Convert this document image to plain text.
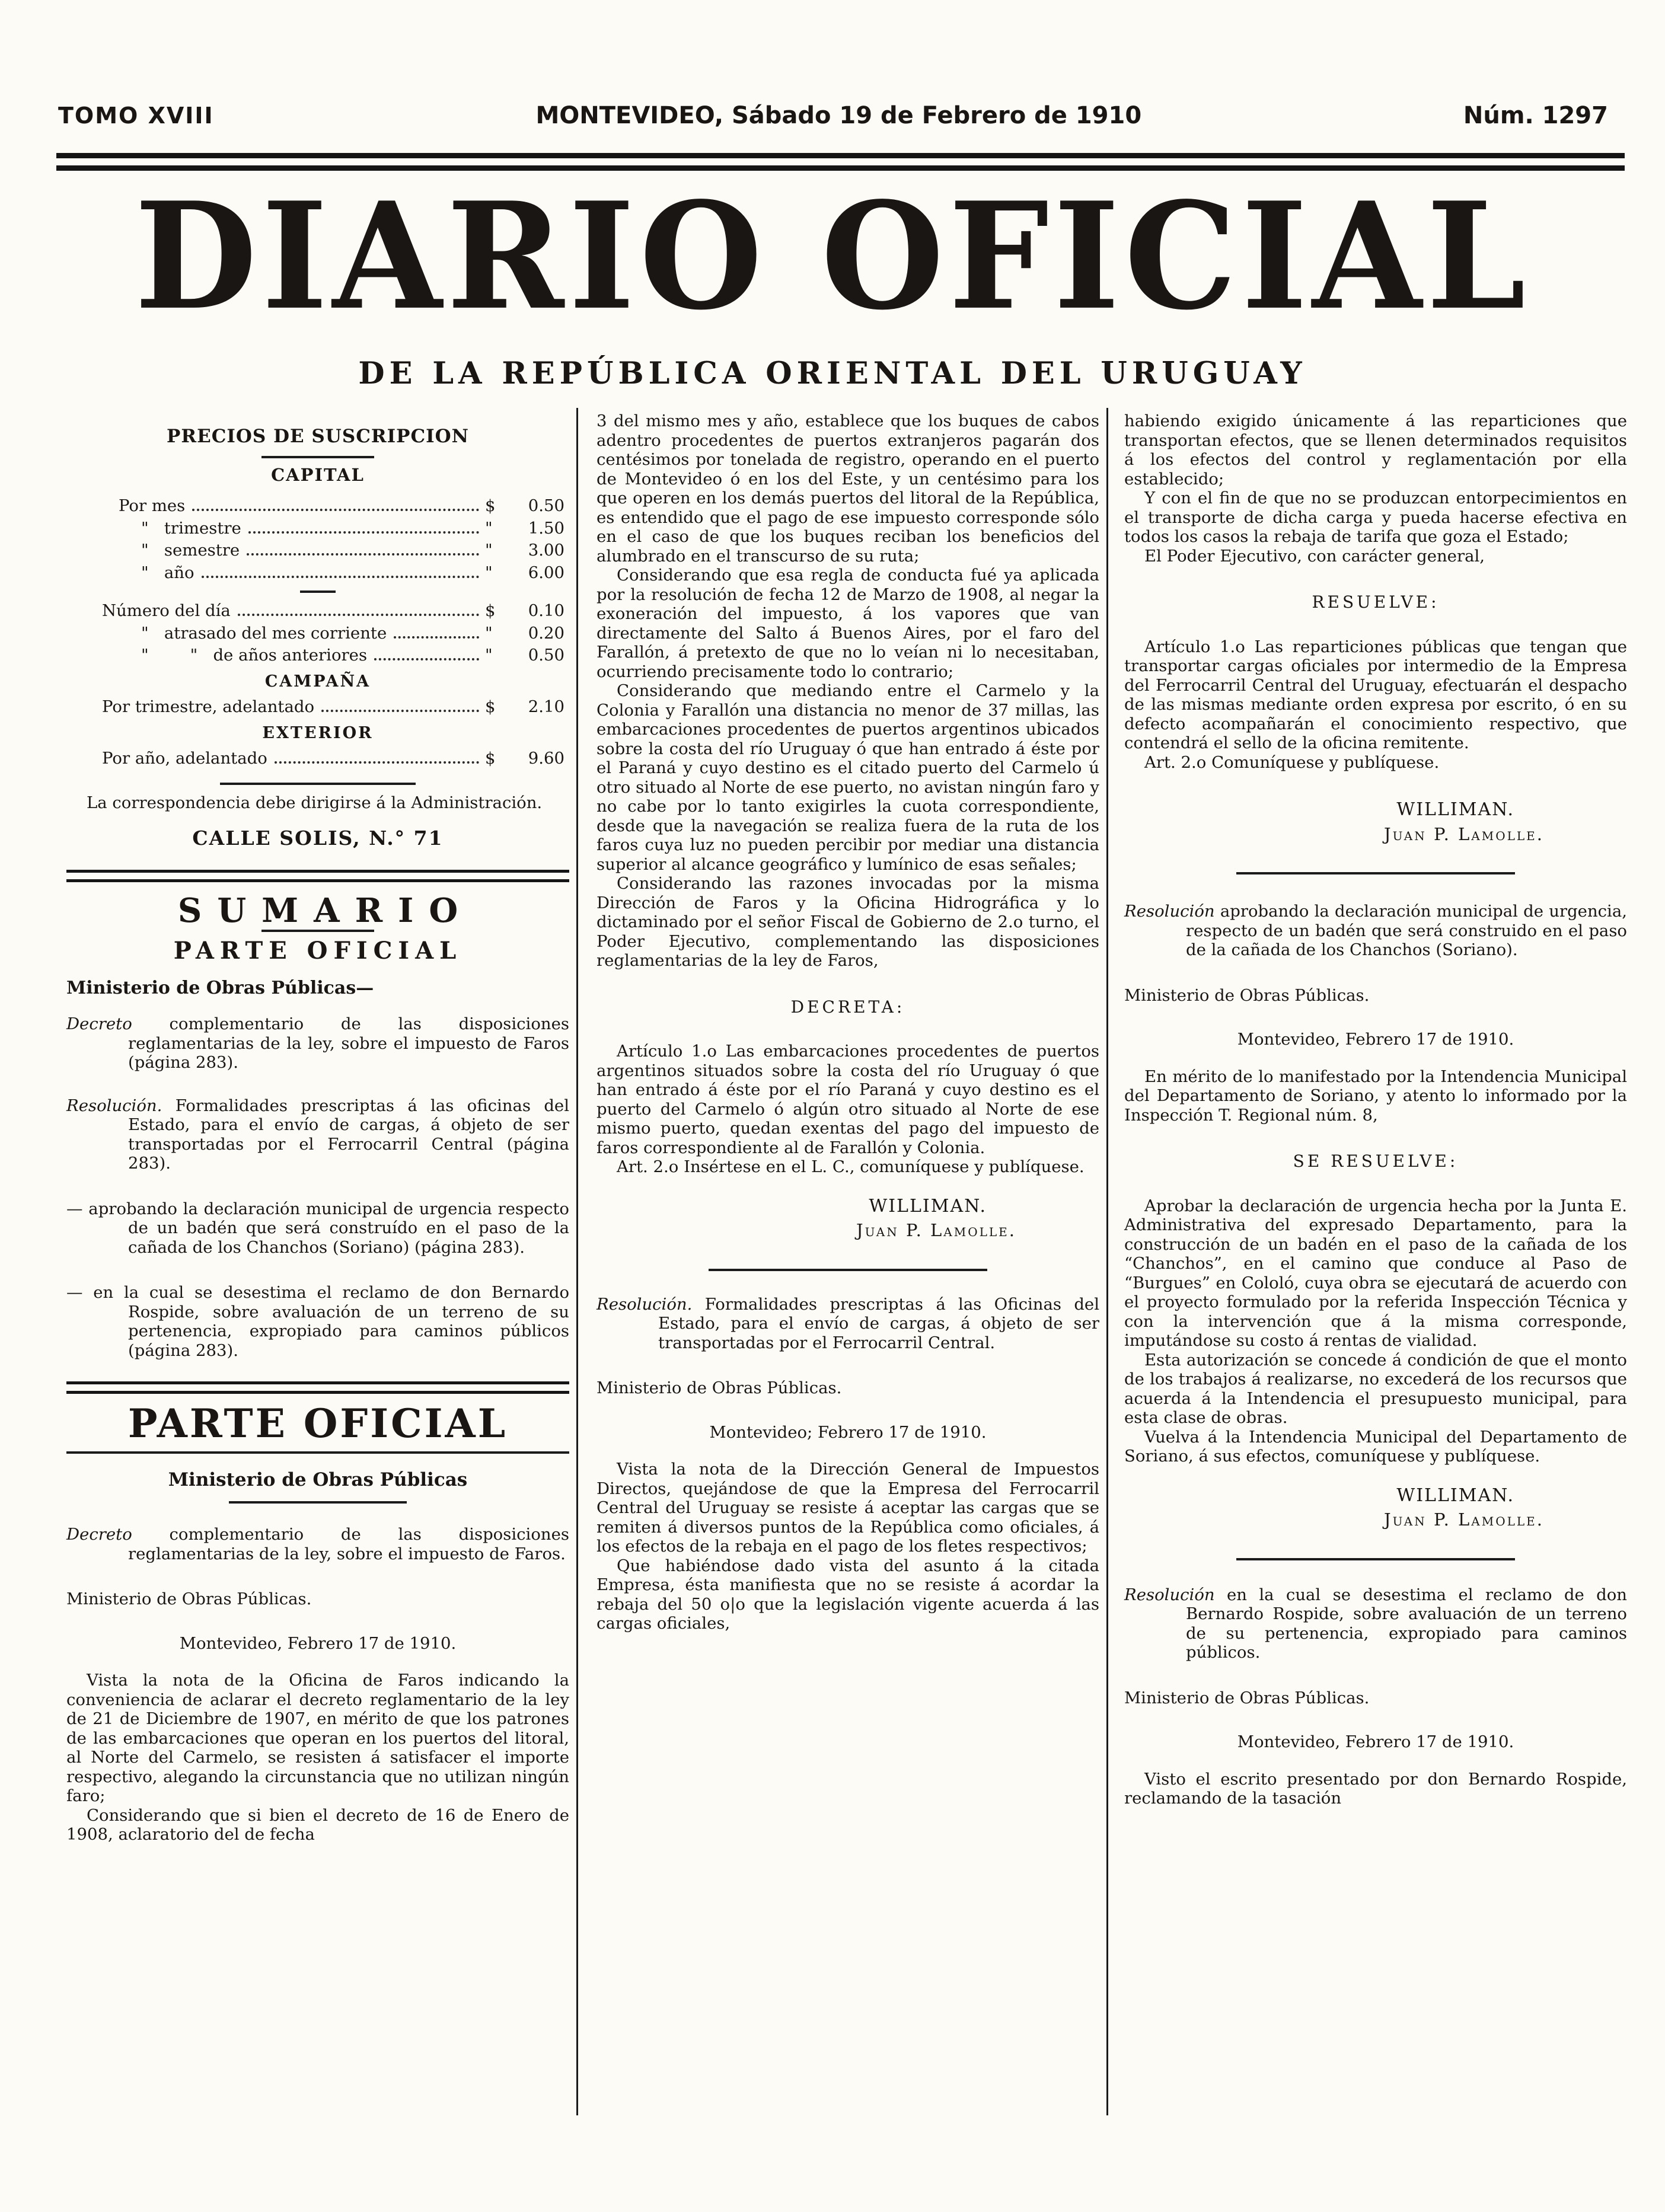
TOMO XVIII	MONTEVIDEO, Sábado 19 de Febrero de 1910	Núm. 1297
DIARIO OFICIAL
DE LA REPÚBLICA ORIENTAL DEL URUGUAY

PRECIOS DE SUSCRIPCION

CAPITAL

Por mes	$	0.50
"   trimestre	"	1.50
"   semestre	"	3.00
"   año	"	6.00
Número del día	$	0.10
"   atrasado del mes corriente	"	0.20
"        "   de años anteriores	"	0.50

CAMPAÑA

Por trimestre, adelantado	$	2.10

EXTERIOR

Por año, adelantado	$	9.60

La correspondencia debe dirigirse á la Administración.

CALLE SOLIS, N.° 71

SUMARIO

PARTE OFICIAL

Ministerio de Obras Públicas—

Decreto complementario de las disposiciones reglamentarias de la ley, sobre el impuesto de Faros (página 283).

Resolución. Formalidades prescriptas á las oficinas del Estado, para el envío de cargas, á objeto de ser transportadas por el Ferrocarril Central (página 283).

— aprobando la declaración municipal de urgencia respecto de un badén que será construído en el paso de la cañada de los Chanchos (Soriano) (página 283).

— en la cual se desestima el reclamo de don Bernardo Rospide, sobre avaluación de un terreno de su pertenencia, expropiado para caminos públicos (página 283).

PARTE OFICIAL

Ministerio de Obras Públicas

Decreto complementario de las disposiciones reglamentarias de la ley, sobre el impuesto de Faros.

Ministerio de Obras Públicas.

Montevideo, Febrero 17 de 1910.

Vista la nota de la Oficina de Faros indicando la conveniencia de aclarar el decreto reglamentario de la ley de 21 de Diciembre de 1907, en mérito de que los patrones de las embarcaciones que operan en los puertos del litoral, al Norte del Carmelo, se resisten á satisfacer el importe respectivo, alegando la circunstancia que no utilizan ningún faro;

Considerando que si bien el decreto de 16 de Enero de 1908, aclaratorio del de fecha

3 del mismo mes y año, establece que los buques de cabos adentro procedentes de puertos extranjeros pagarán dos centésimos por tonelada de registro, operando en el puerto de Montevideo ó en los del Este, y un centésimo para los que operen en los demás puertos del litoral de la República, es entendido que el pago de ese impuesto corresponde sólo en el caso de que los buques reciban los beneficios del alumbrado en el transcurso de su ruta;

Considerando que esa regla de conducta fué ya aplicada por la resolución de fecha 12 de Marzo de 1908, al negar la exoneración del impuesto, á los vapores que van directamente del Salto á Buenos Aires, por el faro del Farallón, á pretexto de que no lo veían ni lo necesitaban, ocurriendo precisamente todo lo contrario;

Considerando que mediando entre el Carmelo y la Colonia y Farallón una distancia no menor de 37 millas, las embarcaciones procedentes de puertos argentinos ubicados sobre la costa del río Uruguay ó que han entrado á éste por el Paraná y cuyo destino es el citado puerto del Carmelo ú otro situado al Norte de ese puerto, no avistan ningún faro y no cabe por lo tanto exigirles la cuota correspondiente, desde que la navegación se realiza fuera de la ruta de los faros cuya luz no pueden percibir por mediar una distancia superior al alcance geográfico y lumínico de esas señales;

Considerando las razones invocadas por la misma Dirección de Faros y la Oficina Hidrográfica y lo dictaminado por el señor Fiscal de Gobierno de 2.o turno, el Poder Ejecutivo, complementando las disposiciones reglamentarias de la ley de Faros,

DECRETA:

Artículo 1.o Las embarcaciones procedentes de puertos argentinos situados sobre la costa del río Uruguay ó que han entrado á éste por el río Paraná y cuyo destino es el puerto del Carmelo ó algún otro situado al Norte de ese mismo puerto, quedan exentas del pago del impuesto de faros correspondiente al de Farallón y Colonia.

Art. 2.o Insértese en el L. C., comuníquese y publíquese.

WILLIMAN.

Juan P. Lamolle.

Resolución. Formalidades prescriptas á las Oficinas del Estado, para el envío de cargas, á objeto de ser transportadas por el Ferrocarril Central.

Ministerio de Obras Públicas.

Montevideo; Febrero 17 de 1910.

Vista la nota de la Dirección General de Impuestos Directos, quejándose de que la Empresa del Ferrocarril Central del Uruguay se resiste á aceptar las cargas que se remiten á diversos puntos de la República como oficiales, á los efectos de la rebaja en el pago de los fletes respectivos;

Que habiéndose dado vista del asunto á la citada Empresa, ésta manifiesta que no se resiste á acordar la rebaja del 50 o|o que la legislación vigente acuerda á las cargas oficiales,

habiendo exigido únicamente á las reparticiones que transportan efectos, que se llenen determinados requisitos á los efectos del control y reglamentación por ella establecido;

Y con el fin de que no se produzcan entorpecimientos en el transporte de dicha carga y pueda hacerse efectiva en todos los casos la rebaja de tarifa que goza el Estado;

El Poder Ejecutivo, con carácter general,

RESUELVE:

Artículo 1.o Las reparticiones públicas que tengan que transportar cargas oficiales por intermedio de la Empresa del Ferrocarril Central del Uruguay, efectuarán el despacho de las mismas mediante orden expresa por escrito, ó en su defecto acompañarán el conocimiento respectivo, que contendrá el sello de la oficina remitente.

Art. 2.o Comuníquese y publíquese.

WILLIMAN.

Juan P. Lamolle.

Resolución aprobando la declaración municipal de urgencia, respecto de un badén que será construido en el paso de la cañada de los Chanchos (Soriano).

Ministerio de Obras Públicas.

Montevideo, Febrero 17 de 1910.

En mérito de lo manifestado por la Intendencia Municipal del Departamento de Soriano, y atento lo informado por la Inspección T. Regional núm. 8,

SE RESUELVE:

Aprobar la declaración de urgencia hecha por la Junta E. Administrativa del expresado Departamento, para la construcción de un badén en el paso de la cañada de los “Chanchos”, en el camino que conduce al Paso de “Burgues” en Cololó, cuya obra se ejecutará de acuerdo con el proyecto formulado por la referida Inspección Técnica y con la intervención que á la misma corresponde, imputándose su costo á rentas de vialidad.

Esta autorización se concede á condición de que el monto de los trabajos á realizarse, no excederá de los recursos que acuerda á la Intendencia el presupuesto municipal, para esta clase de obras.

Vuelva á la Intendencia Municipal del Departamento de Soriano, á sus efectos, comuníquese y publíquese.

WILLIMAN.

Juan P. Lamolle.

Resolución en la cual se desestima el reclamo de don Bernardo Rospide, sobre avaluación de un terreno de su pertenencia, expropiado para caminos públicos.

Ministerio de Obras Públicas.

Montevideo, Febrero 17 de 1910.

Visto el escrito presentado por don Bernardo Rospide, reclamando de la tasación
